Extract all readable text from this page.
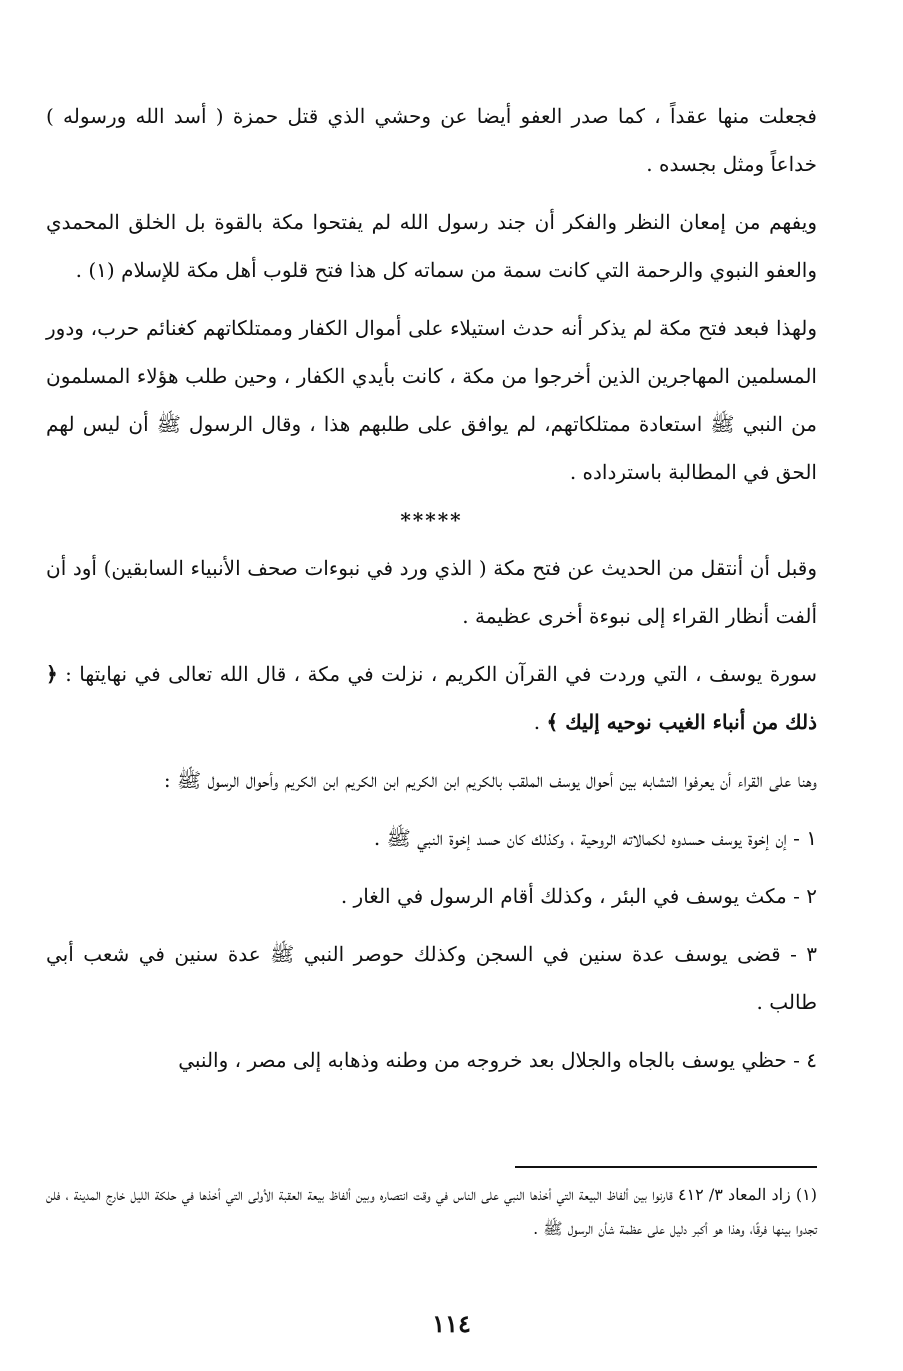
فجعلت منها عقداً ، كما صدر العفو أيضا عن وحشي الذي قتل حمزة ( أسد الله ورسوله ) خداعاً ومثل بجسده .

ويفهم من إمعان النظر والفكر أن جند رسول الله لم يفتحوا مكة بالقوة بل الخلق المحمدي والعفو النبوي والرحمة التي كانت سمة من سماته كل هذا فتح قلوب أهل مكة للإسلام (١) .

ولهذا فبعد فتح مكة لم يذكر أنه حدث استيلاء على أموال الكفار وممتلكاتهم كغنائم حرب، ودور المسلمين المهاجرين الذين أخرجوا من مكة ، كانت بأيدي الكفار ، وحين طلب هؤلاء المسلمون من النبي ﷺ استعادة ممتلكاتهم، لم يوافق على طلبهم هذا ، وقال الرسول ﷺ أن ليس لهم الحق في المطالبة باسترداده .

*****

وقبل أن أنتقل من الحديث عن فتح مكة ( الذي ورد في نبوءات صحف الأنبياء السابقين) أود أن ألفت أنظار القراء إلى نبوءة أخرى عظيمة .

سورة يوسف ، التي وردت في القرآن الكريم ، نزلت في مكة ، قال الله تعالى في نهايتها : ﴿ ذلك من أنباء الغيب نوحيه إليك ﴾ .

وهنا على القراء أن يعرفوا التشابه بين أحوال يوسف الملقب بالكريم ابن الكريم ابن الكريم ابن الكريم وأحوال الرسول ﷺ :

١ - إن إخوة يوسف حسدوه لكمالاته الروحية ، وكذلك كان حسد إخوة النبي ﷺ .

٢ - مكث يوسف في البئر ، وكذلك أقام الرسول في الغار .

٣ - قضى يوسف عدة سنين في السجن وكذلك حوصر النبي ﷺ عدة سنين في شعب أبي طالب .

٤ - حظي يوسف بالجاه والجلال بعد خروجه من وطنه وذهابه إلى مصر ، والنبي

(١) زاد المعاد ٣/ ٤١٢ قارنوا بين ألفاظ البيعة التي أخذها النبي على الناس في وقت انتصاره وبين ألفاظ بيعة العقبة الأولى التي أخذها في حلكة الليل خارج المدينة ، فلن تجدوا بينها فرقًا، وهذا هو أكبر دليل على عظمة شأن الرسول ﷺ .
١١٤
